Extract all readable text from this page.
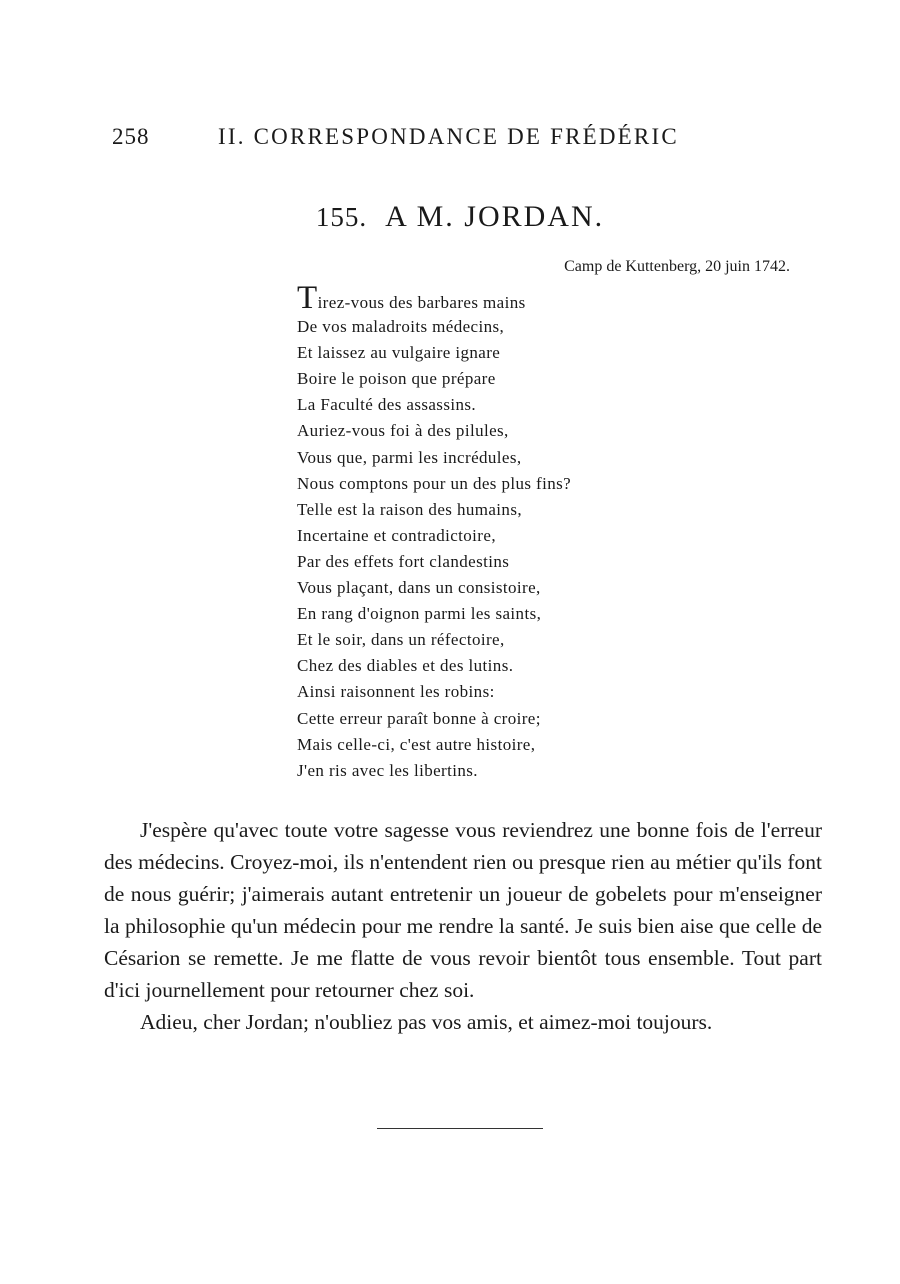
258	II. CORRESPONDANCE DE FRÉDÉRIC
155. A M. JORDAN.
Camp de Kuttenberg, 20 juin 1742.
Tirez-vous des barbares mains
De vos maladroits médecins,
Et laissez au vulgaire ignare
Boire le poison que prépare
La Faculté des assassins.
Auriez-vous foi à des pilules,
Vous que, parmi les incrédules,
Nous comptons pour un des plus fins?
Telle est la raison des humains,
Incertaine et contradictoire,
Par des effets fort clandestins
Vous plaçant, dans un consistoire,
En rang d'oignon parmi les saints,
Et le soir, dans un réfectoire,
Chez des diables et des lutins.
Ainsi raisonnent les robins:
Cette erreur paraît bonne à croire;
Mais celle-ci, c'est autre histoire,
J'en ris avec les libertins.

J'espère qu'avec toute votre sagesse vous reviendrez une bonne fois de l'erreur des médecins. Croyez-moi, ils n'entendent rien ou presque rien au métier qu'ils font de nous guérir; j'aimerais autant entretenir un joueur de gobelets pour m'enseigner la philosophie qu'un médecin pour me rendre la santé. Je suis bien aise que celle de Césarion se remette. Je me flatte de vous revoir bientôt tous ensemble. Tout part d'ici journellement pour retourner chez soi.

Adieu, cher Jordan; n'oubliez pas vos amis, et aimez-moi toujours.
